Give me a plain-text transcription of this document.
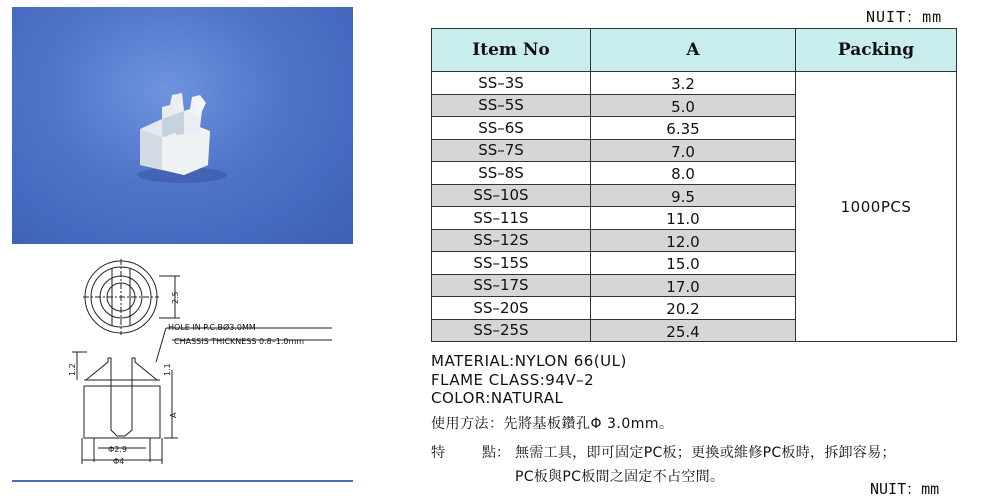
2.5
HOLE IN P.C.BØ3.0MM
CHASSIS THICKNESS 0.8–1.0mm
1.2	1.1
A
Φ2.9
Φ4
NUIT：mm
Item No	A	Packing
SS–3S	3.2	1000PCS
SS–5S	5.0	
SS–6S	6.35	
SS–7S	7.0	
SS–8S	8.0	
SS–10S	9.5	
SS–11S	11.0	
SS–12S	12.0	
SS–15S	15.0	
SS–17S	17.0	
SS–20S	20.2	
SS–25S	25.4	
MATERIAL:NYLON 66(UL)
FLAME CLASS:94V–2
COLOR:NATURAL
使用方法：先將基板鑽孔Φ 3.0mm。
特	點： 無需工具，即可固定PC板；更換或維修PC板時，拆卸容易；
PC板與PC板間之固定不占空間。
NUIT：mm
